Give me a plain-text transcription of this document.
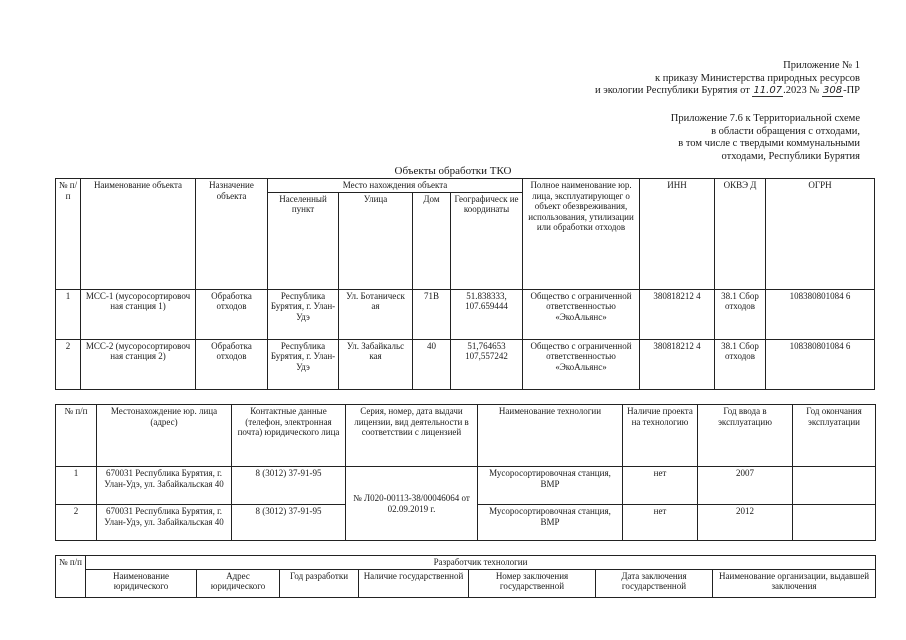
Приложение № 1
к приказу Министерства природных ресурсов
и экологии Республики Бурятия от 11.07.2023 № 308-ПР
Приложение 7.6 к Территориальной схеме
в области обращения с отходами,
в том числе с твердыми коммунальными
отходами, Республики Бурятия
Объекты обработки ТКО
№ п/п	Наименование объекта	Назначение объекта	Место нахождения объекта				Полное наименование юр. лица, эксплуатирующег о объект обезвреживания, использования, утилизации или обработки отходов	ИНН	ОКВЭ Д	ОГРН
			Населенный пункт	Улица	Дом	Географическ ие координаты				
1	МСС-1 (мусоросортировоч ная станция 1)	Обработка отходов	Республика Бурятия, г. Улан-Удэ	Ул. Ботаническ ая	71В	51.838333, 107.659444	Общество с ограниченной ответственностью «ЭкоАльянс»	380818212 4	38.1 Сбор отходов	108380801084 6
2	МСС-2 (мусоросортировоч ная станция 2)	Обработка отходов	Республика Бурятия, г. Улан-Удэ	Ул. Забайкальс кая	40	51,764653 107,557242	Общество с ограниченной ответственностью «ЭкоАльянс»	380818212 4	38.1 Сбор отходов	108380801084 6
№ п/п	Местонахождение юр. лица (адрес)	Контактные данные (телефон, электронная почта) юридического лица	Серия, номер, дата выдачи лицензии, вид деятельности в соответствии с лицензией	Наименование технологии	Наличие проекта на технологию	Год ввода в эксплуатацию	Год окончания эксплуатации
1	670031 Республика Бурятия, г. Улан-Удэ, ул. Забайкальская 40	8 (3012) 37-91-95	№ Л020-00113-38/00046064 от 02.09.2019 г.	Мусоросортировочная станция, ВМР	нет	2007	
2	670031 Республика Бурятия, г. Улан-Удэ, ул. Забайкальская 40	8 (3012) 37-91-95		Мусоросортировочная станция, ВМР	нет	2012	
№ п/п	Разработчик технологии						
	Наименование юридического	Адрес юридического	Год разработки	Наличие государственной	Номер заключения государственной	Дата заключения государственной	Наименование организации, выдавшей заключения
